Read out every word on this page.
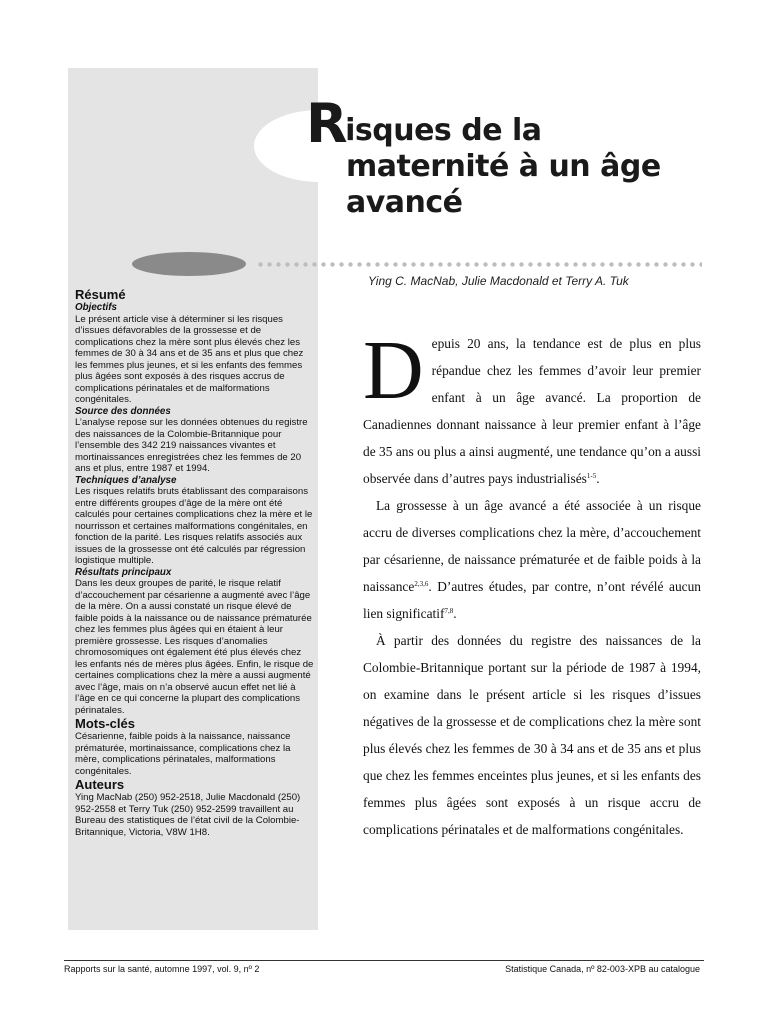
Risques de la
maternité à un âge
avancé
Ying C. MacNab, Julie Macdonald et Terry A. Tuk

Résumé

Objectifs

Le présent article vise à déterminer si les risques d’issues défavorables de la grossesse et de complications chez la mère sont plus élevés chez les femmes de 30 à 34 ans et de 35 ans et plus que chez les femmes plus jeunes, et si les enfants des femmes plus âgées sont exposés à des risques accrus de complications périnatales et de malformations congénitales.

Source des données

L’analyse repose sur les données obtenues du registre des naissances de la Colombie-Britannique pour l’ensemble des 342 219 naissances vivantes et mortinaissances enregistrées chez les femmes de 20 ans et plus, entre 1987 et 1994.

Techniques d’analyse

Les risques relatifs bruts établissant des comparaisons entre différents groupes d’âge de la mère ont été calculés pour certaines complications chez la mère et le nourrisson et certaines malformations congénitales, en fonction de la parité. Les risques relatifs associés aux issues de la grossesse ont été calculés par régression logistique multiple.

Résultats principaux

Dans les deux groupes de parité, le risque relatif d’accouchement par césarienne a augmenté avec l’âge de la mère. On a aussi constaté un risque élevé de faible poids à la naissance ou de naissance prématurée chez les femmes plus âgées qui en étaient à leur première grossesse. Les risques d’anomalies chromosomiques ont également été plus élevés chez les enfants nés de mères plus âgées. Enfin, le risque de certaines complications chez la mère a aussi augmenté avec l’âge, mais on n’a observé aucun effet net lié à l’âge en ce qui concerne la plupart des complications périnatales.

Mots-clés

Césarienne, faible poids à la naissance, naissance prématurée, mortinaissance, complications chez la mère, complications périnatales, malformations congénitales.

Auteurs

Ying MacNab (250) 952-2518, Julie Macdonald (250) 952-2558 et Terry Tuk (250) 952-2599 travaillent au Bureau des statistiques de l’état civil de la Colombie-Britannique, Victoria, V8W 1H8.

Depuis 20 ans, la tendance est de plus en plus répandue chez les femmes d’avoir leur premier enfant à un âge avancé. La proportion de Canadiennes donnant naissance à leur premier enfant à l’âge de 35 ans ou plus a ainsi augmenté, une tendance qu’on a aussi observée dans d’autres pays industrialisés$^{1-5}$.

La grossesse à un âge avancé a été associée à un risque accru de diverses complications chez la mère, d’accouchement par césarienne, de naissance prématurée et de faible poids à la naissance$^{2,3,6}$. D’autres études, par contre, n’ont révélé aucun lien significatif$^{7,8}$.

À partir des données du registre des naissances de la Colombie-Britannique portant sur la période de 1987 à 1994, on examine dans le présent article si les risques d’issues négatives de la grossesse et de complications chez la mère sont plus élevés chez les femmes de 30 à 34 ans et de 35 ans et plus que chez les femmes enceintes plus jeunes, et si les enfants des femmes plus âgées sont exposés à un risque accru de complications périnatales et de malformations congénitales.

Rapports sur la santé, automne 1997, vol. 9, nº 2	Statistique Canada, nº 82-003-XPB au catalogue
